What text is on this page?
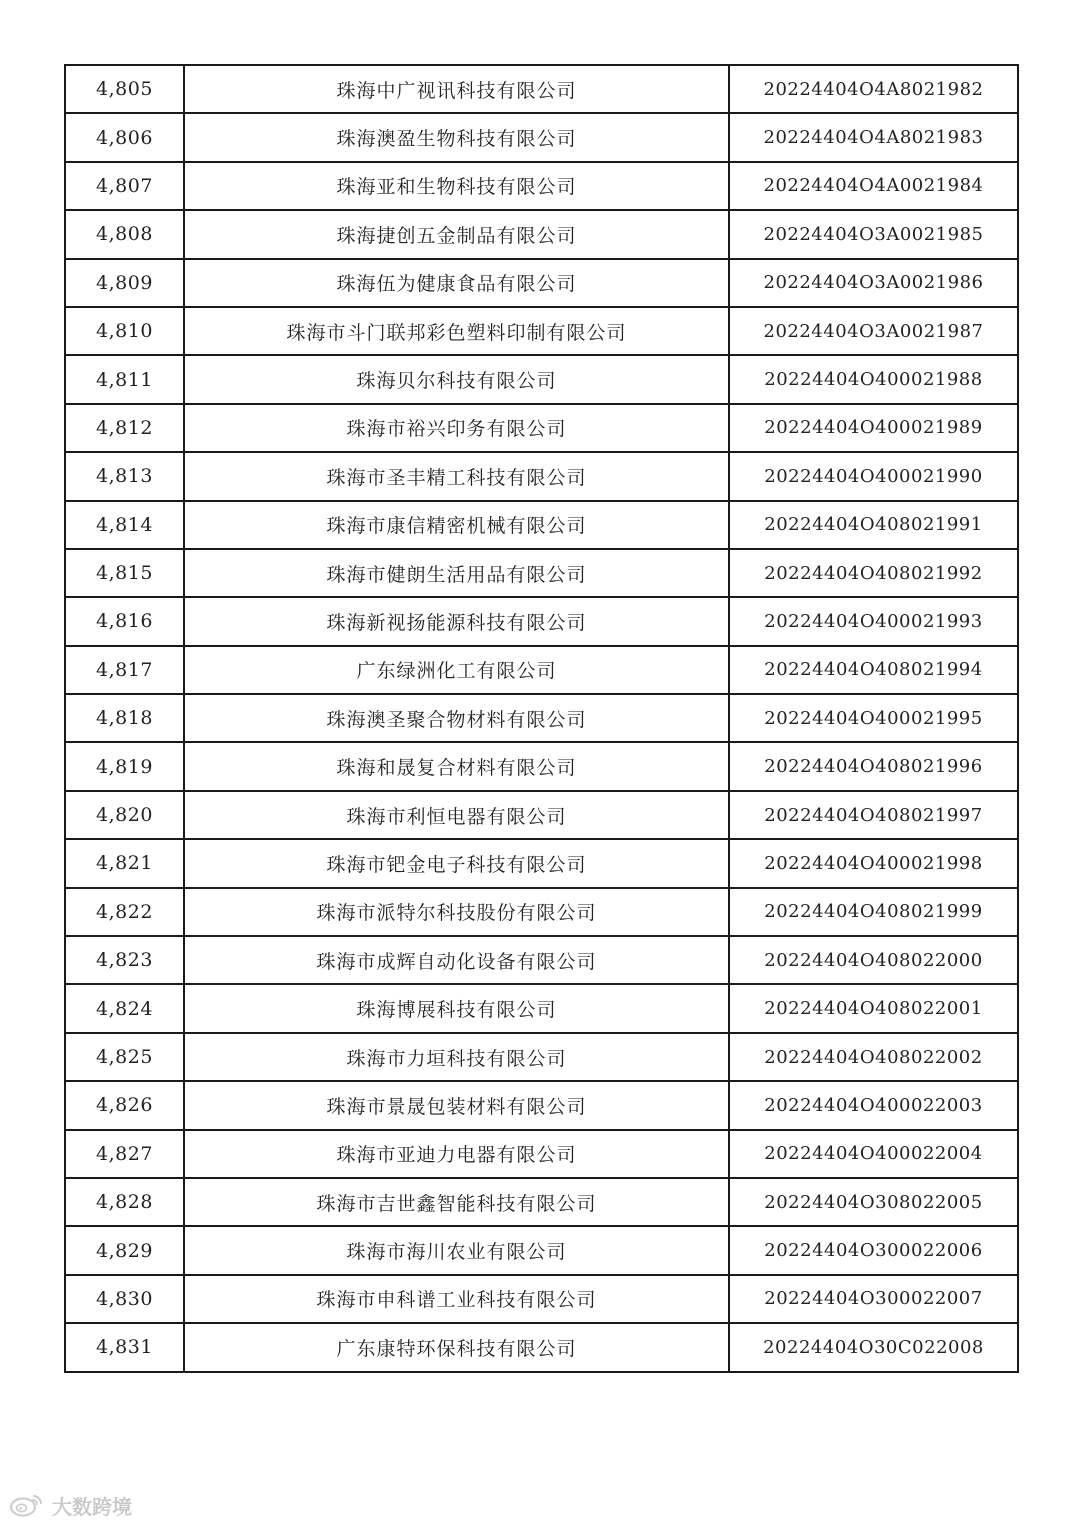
4,805	珠海中广视讯科技有限公司	20224404O4A8021982
4,806	珠海澳盈生物科技有限公司	20224404O4A8021983
4,807	珠海亚和生物科技有限公司	20224404O4A0021984
4,808	珠海捷创五金制品有限公司	20224404O3A0021985
4,809	珠海伍为健康食品有限公司	20224404O3A0021986
4,810	珠海市斗门联邦彩色塑料印制有限公司	20224404O3A0021987
4,811	珠海贝尔科技有限公司	20224404O400021988
4,812	珠海市裕兴印务有限公司	20224404O400021989
4,813	珠海市圣丰精工科技有限公司	20224404O400021990
4,814	珠海市康信精密机械有限公司	20224404O408021991
4,815	珠海市健朗生活用品有限公司	20224404O408021992
4,816	珠海新视扬能源科技有限公司	20224404O400021993
4,817	广东绿洲化工有限公司	20224404O408021994
4,818	珠海澳圣聚合物材料有限公司	20224404O400021995
4,819	珠海和晟复合材料有限公司	20224404O408021996
4,820	珠海市利恒电器有限公司	20224404O408021997
4,821	珠海市钯金电子科技有限公司	20224404O400021998
4,822	珠海市派特尔科技股份有限公司	20224404O408021999
4,823	珠海市成辉自动化设备有限公司	20224404O408022000
4,824	珠海博展科技有限公司	20224404O408022001
4,825	珠海市力垣科技有限公司	20224404O408022002
4,826	珠海市景晟包装材料有限公司	20224404O400022003
4,827	珠海市亚迪力电器有限公司	20224404O400022004
4,828	珠海市吉世鑫智能科技有限公司	20224404O308022005
4,829	珠海市海川农业有限公司	20224404O300022006
4,830	珠海市申科谱工业科技有限公司	20224404O300022007
4,831	广东康特环保科技有限公司	20224404O30C022008
大数跨境
